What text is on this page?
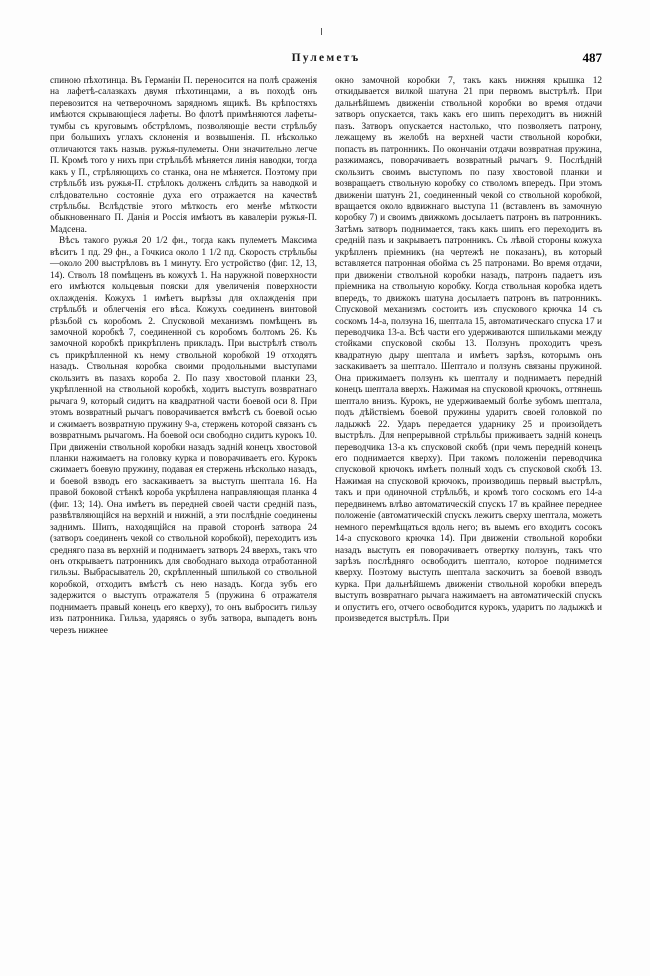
Пулеметъ	487

спиною пѣхотинца. Въ Германіи П. переносится на полѣ сраженія на лафетѣ-салазкахъ двумя пѣхотинцами, а въ походѣ онъ перевозится на четверочномъ зарядномъ ящикѣ. Въ крѣпостяхъ имѣются скрывающіеся лафеты. Во флотѣ примѣняются лафеты-тумбы съ круговымъ обстрѣломъ, позволяющіе вести стрѣльбу при большихъ углахъ склоненія и возвышенія. П. нѣсколько отличаются такъ назыв. ружья-пулеметы. Они значительно легче П. Кромѣ того у нихъ при стрѣльбѣ мѣняется линія наводки, тогда какъ у П., стрѣляющихъ со станка, она не мѣняется. Поэтому при стрѣльбѣ изъ ружья-П. стрѣлокъ долженъ слѣдить за наводкой и слѣдовательно состояніе духа его отражается на качествѣ стрѣльбы. Вслѣдствіе этого мѣткость его менѣе мѣткости обыкновеннаго П. Данія и Россія имѣютъ въ кавалеріи ружья-П. Мадсена.

Вѣсъ такого ружья 20 1/2 фн., тогда какъ пулеметъ Максима вѣситъ 1 пд. 29 фн., а Гочкиса около 1 1/2 пд. Скорость стрѣльбы—около 200 выстрѣловъ въ 1 минуту. Его устройство (фиг. 12, 13, 14). Стволъ 18 помѣщенъ въ кожухѣ 1. На наружной поверхности его имѣются кольцевыя пояски для увеличенія поверхности охлажденія. Кожухъ 1 имѣетъ вырѣзы для охлажденія при стрѣльбѣ и облегченія его вѣса. Кожухъ соединенъ винтовой рѣзьбой съ коробомъ 2. Спусковой механизмъ помѣщенъ въ замочной коробкѣ 7, соединенной съ коробомъ болтомъ 26. Къ замочной коробкѣ прикрѣпленъ прикладъ. При выстрѣлѣ стволъ съ прикрѣпленной къ нему ствольной коробкой 19 отходятъ назадъ. Ствольная коробка своими продольными выступами скользитъ въ пазахъ короба 2. По пазу хвостовой планки 23, укрѣпленной на ствольной коробкѣ, ходитъ выступъ возвратнаго рычага 9, который сидитъ на квадратной части боевой оси 8. При этомъ возвратный рычагъ поворачивается вмѣстѣ съ боевой осью и сжимаетъ возвратную пружину 9-а, стержень которой связанъ съ возвратнымъ рычагомъ. На боевой оси свободно сидитъ курокъ 10. При движеніи ствольной коробки назадъ задній конецъ хвостовой планки нажимаетъ на головку курка и поворачиваетъ его. Курокъ сжимаетъ боевую пружину, подавая ея стержень нѣсколько назадъ, и боевой взводъ его заскакиваетъ за выступъ шептала 16. На правой боковой стѣнкѣ короба укрѣплена направляющая планка 4 (фиг. 13; 14). Она имѣетъ въ передней своей части средній пазъ, развѣтвляющійся на верхній и нижній, а эти послѣдніе соединены заднимъ. Шипъ, находящійся на правой сторонѣ затвора 24 (затворъ соединенъ чекой со ствольной коробкой), переходитъ изъ средняго паза въ верхній и поднимаетъ затворъ 24 вверхъ, такъ что онъ открываетъ патронникъ для свободнаго выхода отработанной гильзы. Выбрасыватель 20, скрѣпленный шпилькой со ствольной коробкой, отходитъ вмѣстѣ съ нею назадъ. Когда зубъ его задержится о выступъ отражателя 5 (пружина 6 отражателя поднимаетъ правый конецъ его кверху), то онъ выброситъ гильзу изъ патронника. Гильза, ударяясь о зубъ затвора, выпадетъ вонъ черезъ нижнее

окно замочной коробки 7, такъ какъ нижняя крышка 12 откидывается вилкой шатуна 21 при первомъ выстрѣлѣ. При дальнѣйшемъ движеніи ствольной коробки во время отдачи затворъ опускается, такъ какъ его шипъ переходитъ въ нижній пазъ. Затворъ опускается настолько, что позволяетъ патрону, лежащему въ желобѣ на верхней части ствольной коробки, попасть въ патронникъ. По окончаніи отдачи возвратная пружина, разжимаясь, поворачиваетъ возвратный рычагъ 9. Послѣдній скользитъ своимъ выступомъ по пазу хвостовой планки и возвращаетъ ствольную коробку со стволомъ впередъ. При этомъ движеніи шатунъ 21, соединенный чекой со ствольной коробкой, вращается около вдвижнаго выступа 11 (вставленъ въ замочную коробку 7) и своимъ движкомъ досылаетъ патронъ въ патронникъ. Затѣмъ затворъ поднимается, такъ какъ шипъ его переходитъ въ средній пазъ и закрываетъ патронникъ. Съ лѣвой стороны кожуха укрѣпленъ пріемникъ (на чертежѣ не показанъ), въ который вставляется патронная обойма съ 25 патронами. Во время отдачи, при движеніи стволъной коробки назадъ, патронъ падаетъ изъ пріемника на ствольную коробку. Когда ствольная коробка идетъ впередъ, то движокъ шатуна досылаетъ патронъ въ патронникъ. Спусковой механизмъ состоитъ изъ спускового крючка 14 съ соскомъ 14-а, ползуна 16, шептала 15, автоматическаго спуска 17 и переводчика 13-а. Всѣ части его удерживаются шпильками между стойками спусковой скобы 13. Ползунъ проходитъ чрезъ квадратную дыру шептала и имѣетъ зарѣзъ, которымъ онъ заскакиваетъ за шептало. Шептало и ползунъ связаны пружиной. Она прижимаетъ ползунъ къ шепталу и поднимаетъ передній конецъ шептала вверхъ. Нажимая на спусковой крючокъ, оттянешь шептало внизъ. Курокъ, не удерживаемый болѣе зубомъ шептала, подъ дѣйствіемъ боевой пружины ударитъ своей головкой по ладыжкѣ 22. Ударъ передается ударнику 25 и произойдетъ выстрѣлъ. Для непрерывной стрѣльбы приживаетъ задній конецъ переводчика 13-а къ спусковой скобѣ (при чемъ передній конецъ его поднимается кверху). При такомъ положеніи переводчика спусковой крючокъ имѣетъ полный ходъ съ спусковой скобѣ 13. Нажимая на спусковой крючокъ, производишь первый выстрѣлъ, такъ и при одиночной стрѣльбѣ, и кромѣ того соскомъ его 14-а передвинемъ влѣво автоматическій спускъ 17 въ крайнее переднее положеніе (автоматическій спускъ лежитъ сверху шептала, можетъ немного перемѣщаться вдоль него; въ выемъ его входитъ сосокъ 14-а спускового крючка 14). При движеніи ствольной коробки назадъ выступъ ея поворачиваетъ отвертку ползунъ, такъ что зарѣзъ послѣдняго освободитъ шептало, которое поднимется кверху. Поэтому выступъ шептала заскочитъ за боевой взводъ курка. При дальнѣйшемъ движеніи ствольной коробки впередъ выступъ возвратнаго рычага нажимаетъ на автоматическій спускъ и опуститъ его, отчего освободится курокъ, ударитъ по ладыжкѣ и произведется выстрѣлъ. При
